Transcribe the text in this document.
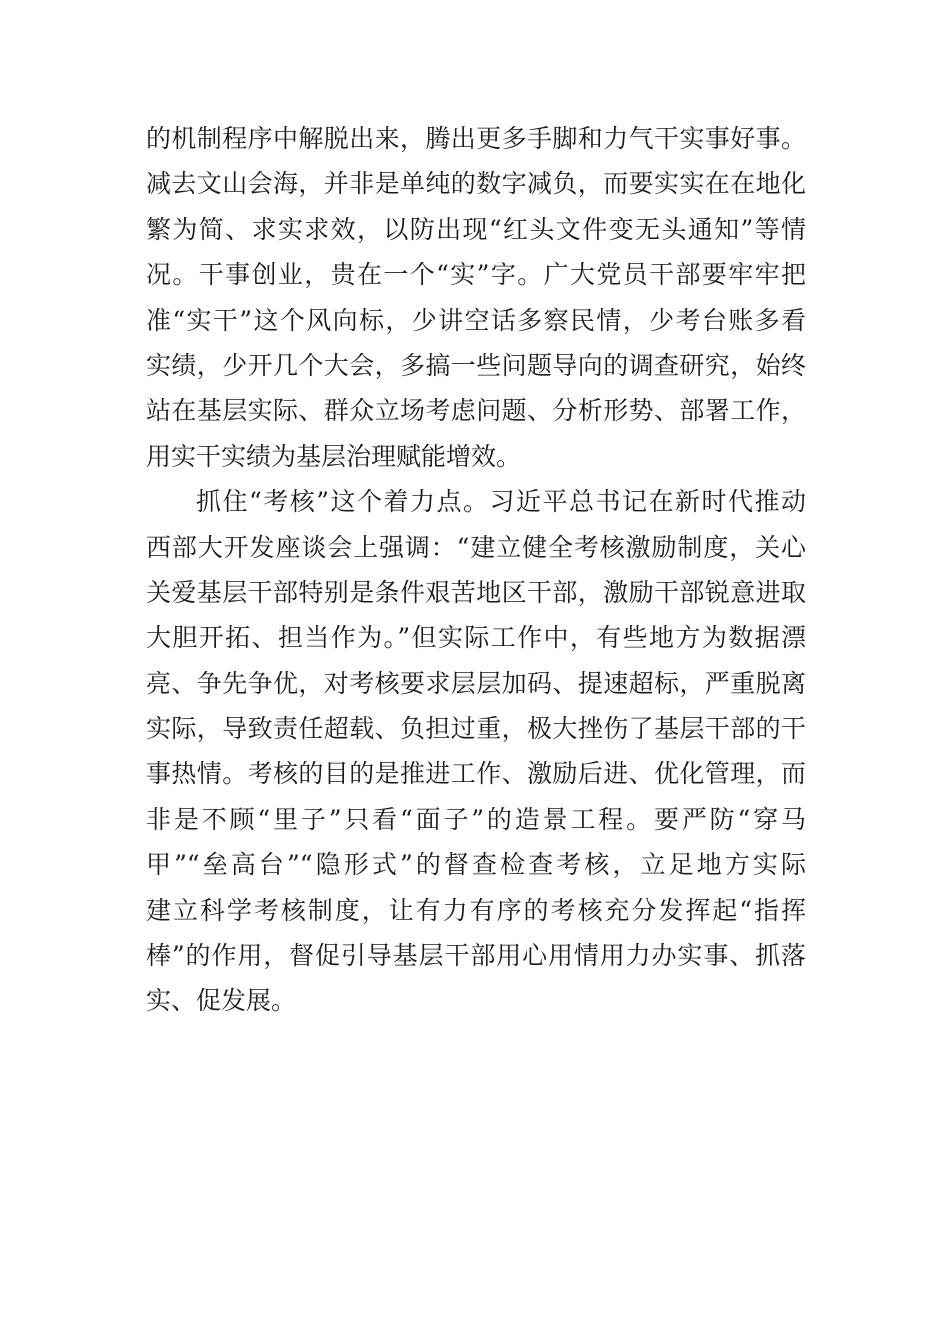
的机制程序中解脱出来，腾出更多手脚和力气干实事好事。
减去文山会海，并非是单纯的数字减负，而要实实在在地化
繁为简、求实求效，以防出现“红头文件变无头通知”等情
况。干事创业，贵在一个“实”字。广大党员干部要牢牢把
准“实干”这个风向标，少讲空话多察民情，少考台账多看
实绩，少开几个大会，多搞一些问题导向的调查研究，始终
站在基层实际、群众立场考虑问题、分析形势、部署工作，
用实干实绩为基层治理赋能增效。
抓住“考核”这个着力点。习近平总书记在新时代推动
西部大开发座谈会上强调：“建立健全考核激励制度，关心
关爱基层干部特别是条件艰苦地区干部，激励干部锐意进取
大胆开拓、担当作为。”但实际工作中，有些地方为数据漂
亮、争先争优，对考核要求层层加码、提速超标，严重脱离
实际，导致责任超载、负担过重，极大挫伤了基层干部的干
事热情。考核的目的是推进工作、激励后进、优化管理，而
非是不顾“里子”只看“面子”的造景工程。要严防“穿马
甲”“垒高台”“隐形式”的督查检查考核，立足地方实际
建立科学考核制度，让有力有序的考核充分发挥起“指挥
棒”的作用，督促引导基层干部用心用情用力办实事、抓落
实、促发展。
